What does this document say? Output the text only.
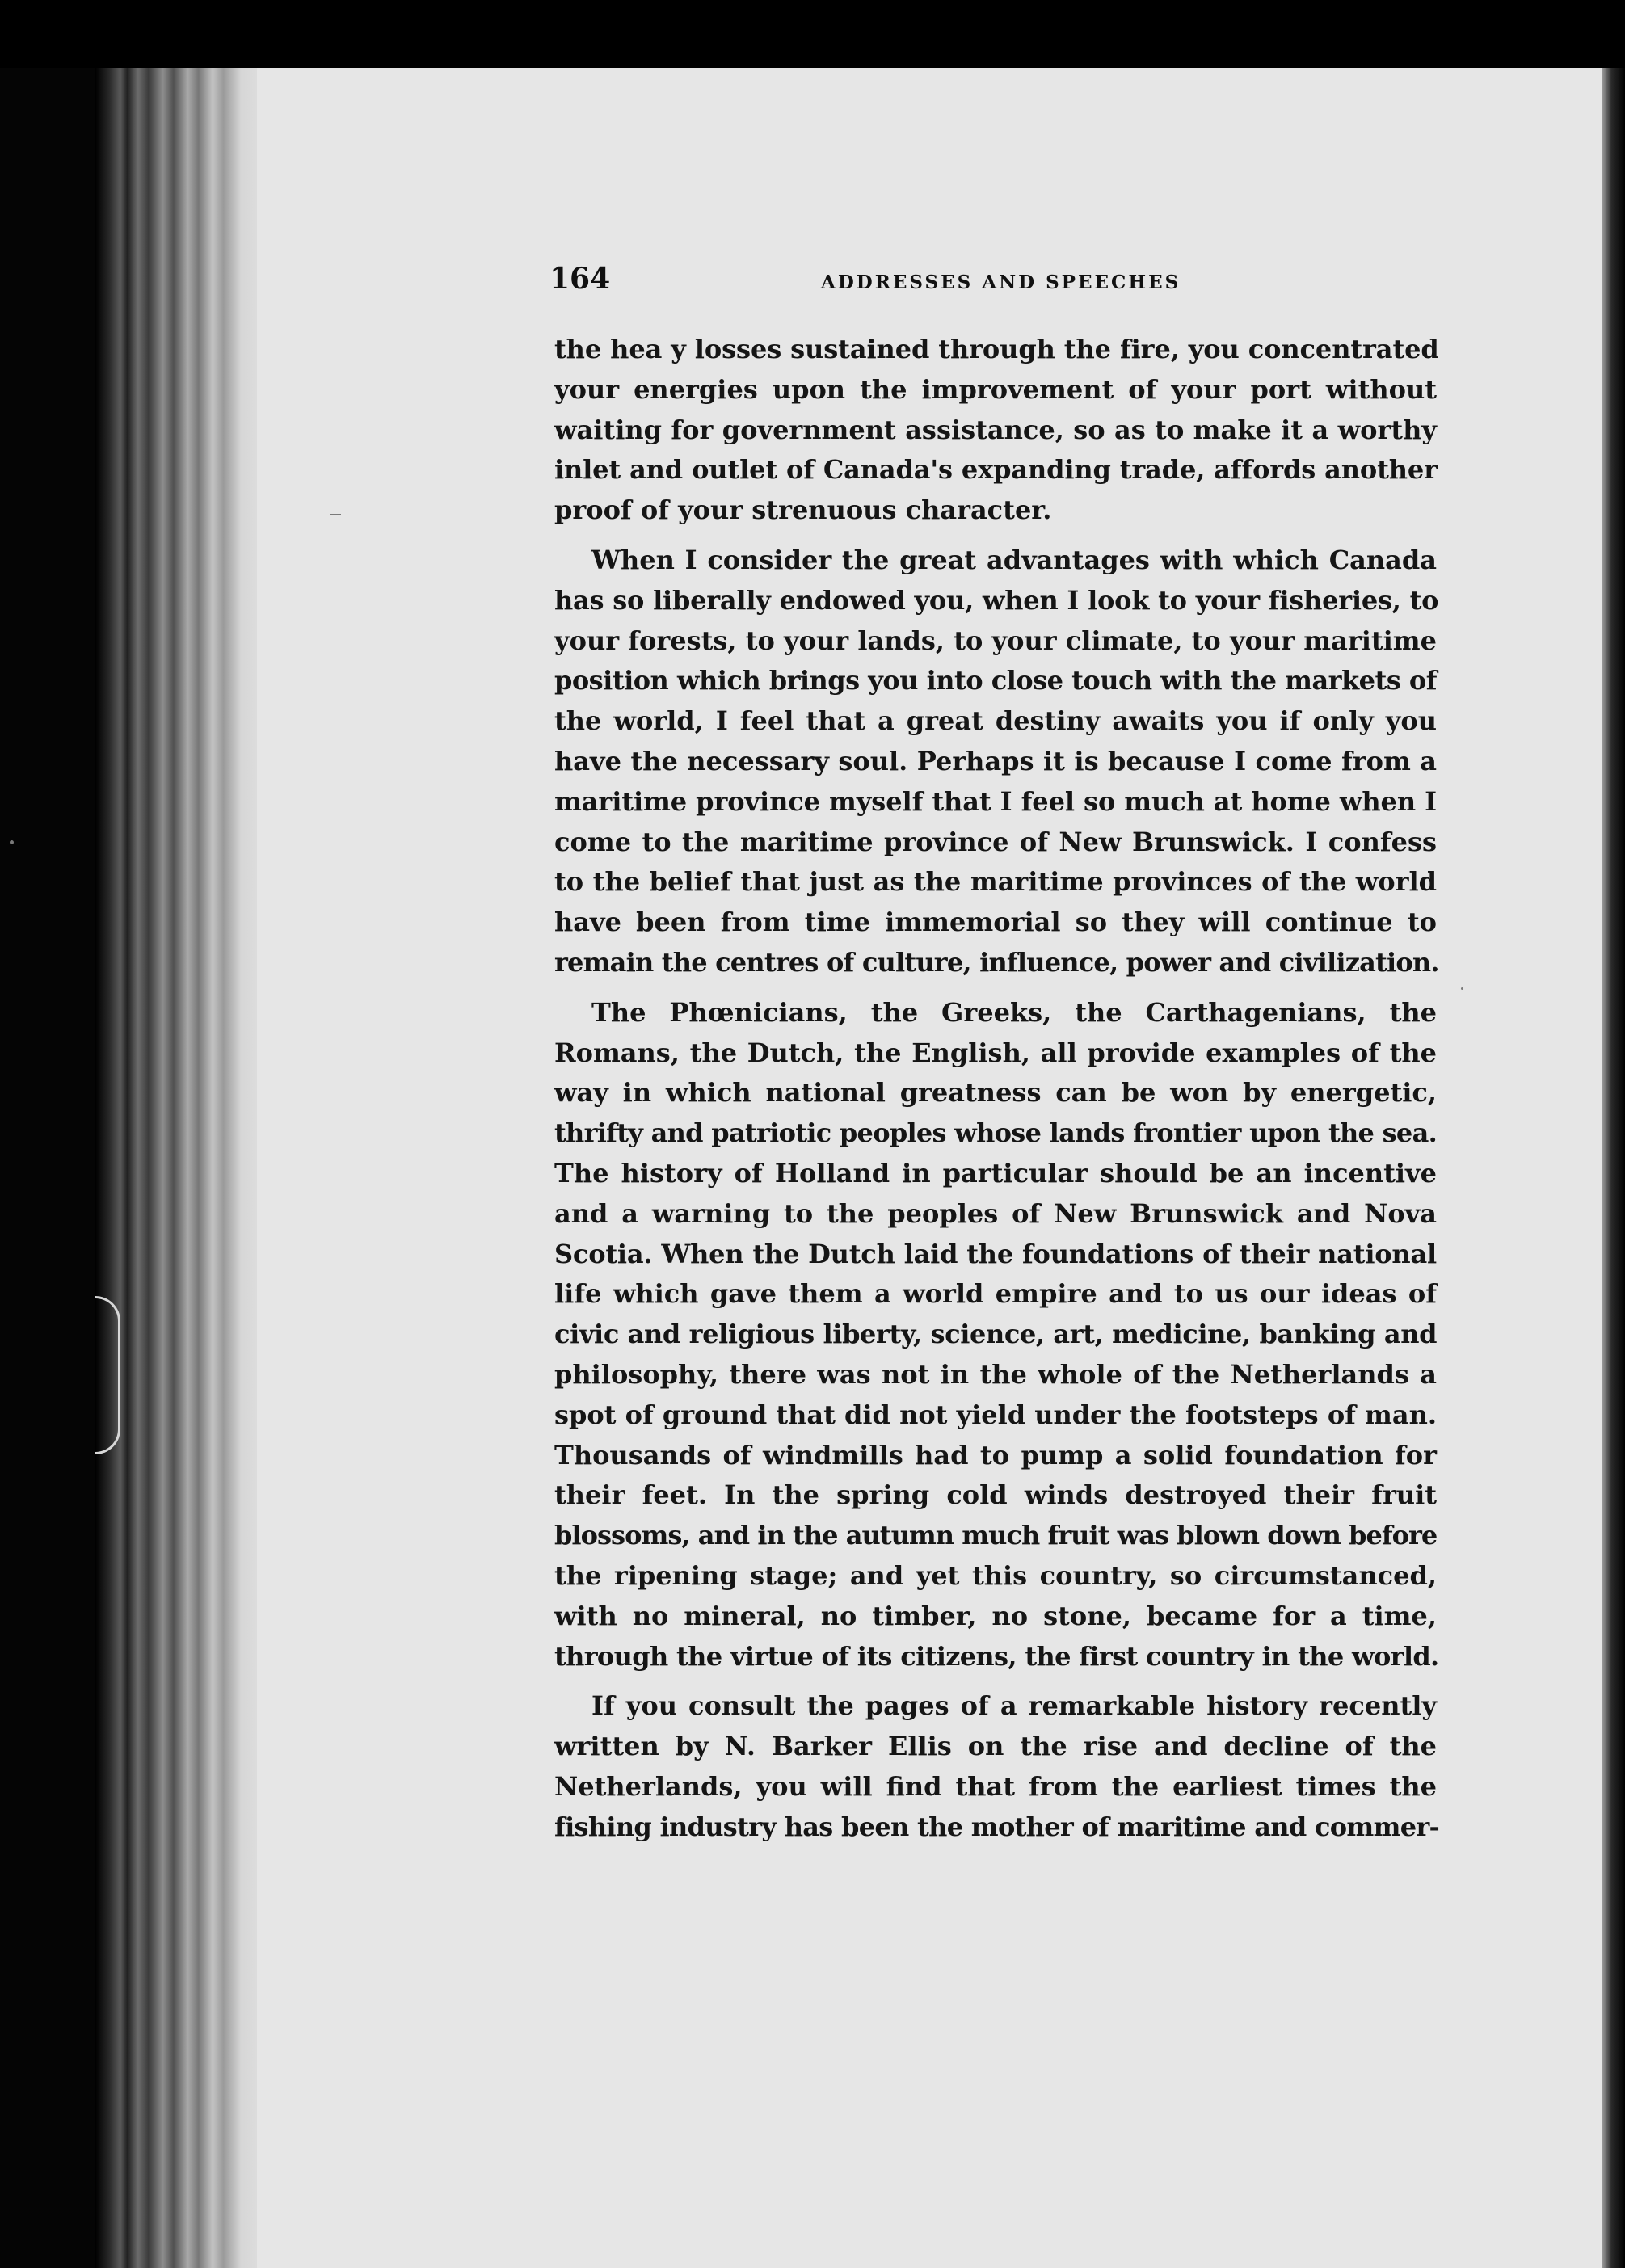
164	ADDRESSES AND SPEECHES
the hea y losses sustained through the fire, you concentrated
your energies upon the improvement of your port without
waiting for government assistance, so as to make it a worthy
inlet and outlet of Canada's expanding trade, affords another
proof of your strenuous character.
When I consider the great advantages with which Canada
has so liberally endowed you, when I look to your fisheries, to
your forests, to your lands, to your climate, to your maritime
position which brings you into close touch with the markets of
the world, I feel that a great destiny awaits you if only you
have the necessary soul. Perhaps it is because I come from a
maritime province myself that I feel so much at home when I
come to the maritime province of New Brunswick. I confess
to the belief that just as the maritime provinces of the world
have been from time immemorial so they will continue to
remain the centres of culture, influence, power and civilization.
The Phœnicians, the Greeks, the Carthagenians, the
Romans, the Dutch, the English, all provide examples of the
way in which national greatness can be won by energetic,
thrifty and patriotic peoples whose lands frontier upon the sea.
The history of Holland in particular should be an incentive
and a warning to the peoples of New Brunswick and Nova
Scotia. When the Dutch laid the foundations of their national
life which gave them a world empire and to us our ideas of
civic and religious liberty, science, art, medicine, banking and
philosophy, there was not in the whole of the Netherlands a
spot of ground that did not yield under the footsteps of man.
Thousands of windmills had to pump a solid foundation for
their feet. In the spring cold winds destroyed their fruit
blossoms, and in the autumn much fruit was blown down before
the ripening stage; and yet this country, so circumstanced,
with no mineral, no timber, no stone, became for a time,
through the virtue of its citizens, the first country in the world.
If you consult the pages of a remarkable history recently
written by N. Barker Ellis on the rise and decline of the
Netherlands, you will find that from the earliest times the
fishing industry has been the mother of maritime and commer-
